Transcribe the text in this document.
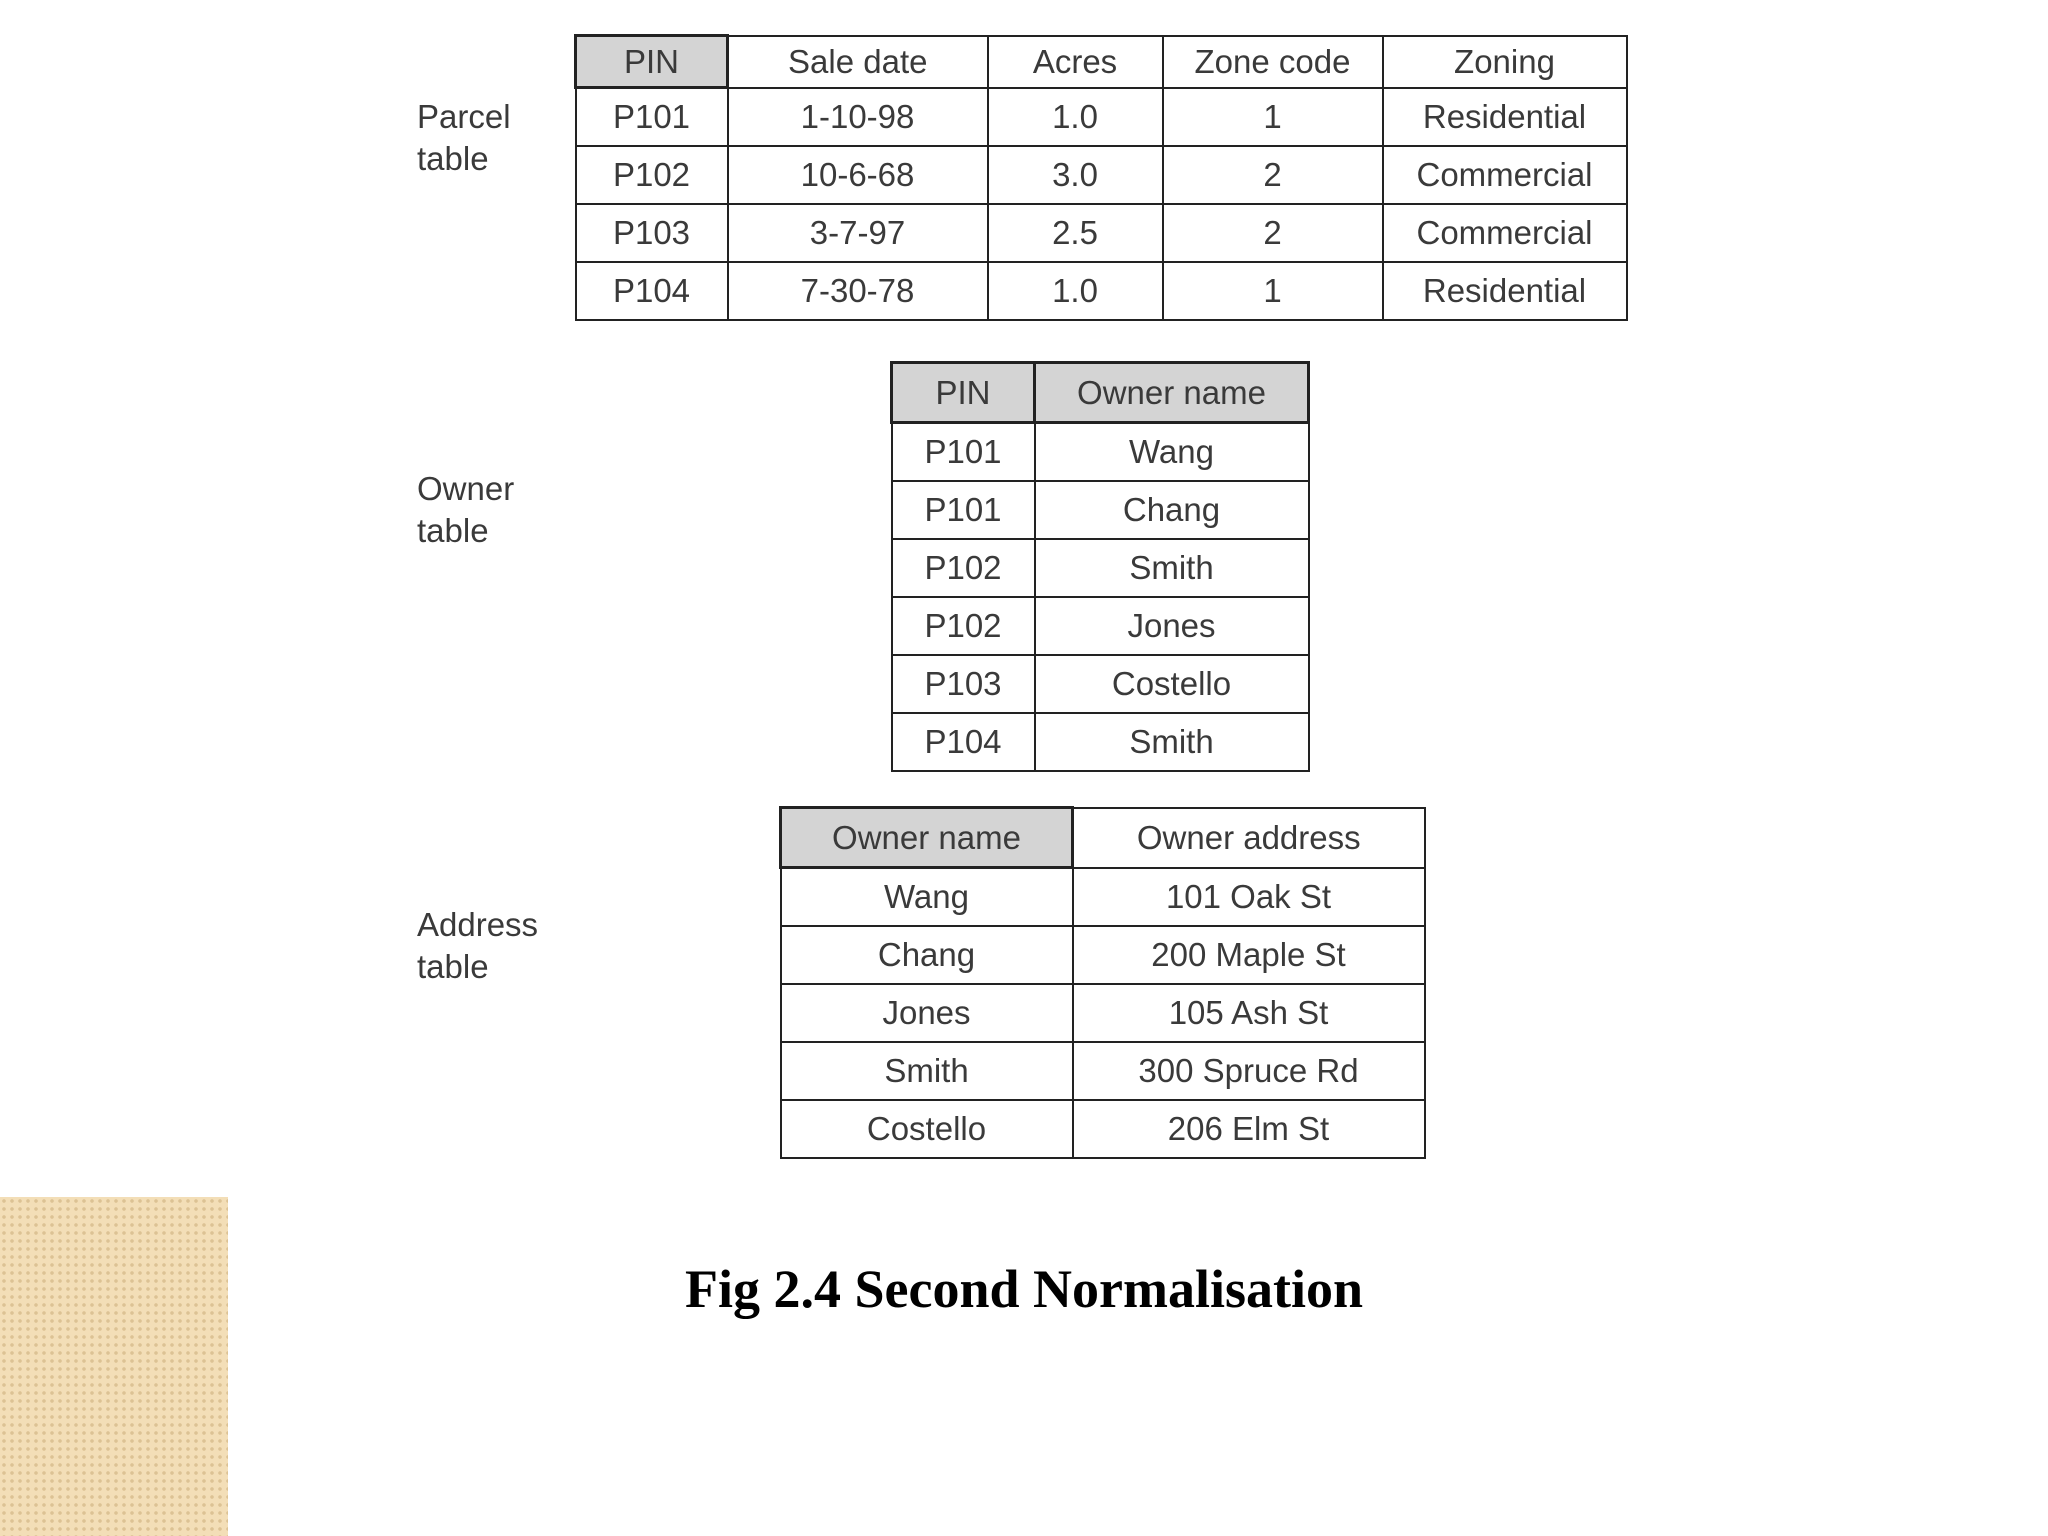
Parcel
table
PIN	Sale date	Acres	Zone code	Zoning
P101	1-10-98	1.0	1	Residential
P102	10-6-68	3.0	2	Commercial
P103	3-7-97	2.5	2	Commercial
P104	7-30-78	1.0	1	Residential
Owner
table
PIN	Owner name
P101	Wang
P101	Chang
P102	Smith
P102	Jones
P103	Costello
P104	Smith
Address
table
Owner name	Owner address
Wang	101 Oak St
Chang	200 Maple St
Jones	105 Ash St
Smith	300 Spruce Rd
Costello	206 Elm St
Fig 2.4 Second Normalisation
